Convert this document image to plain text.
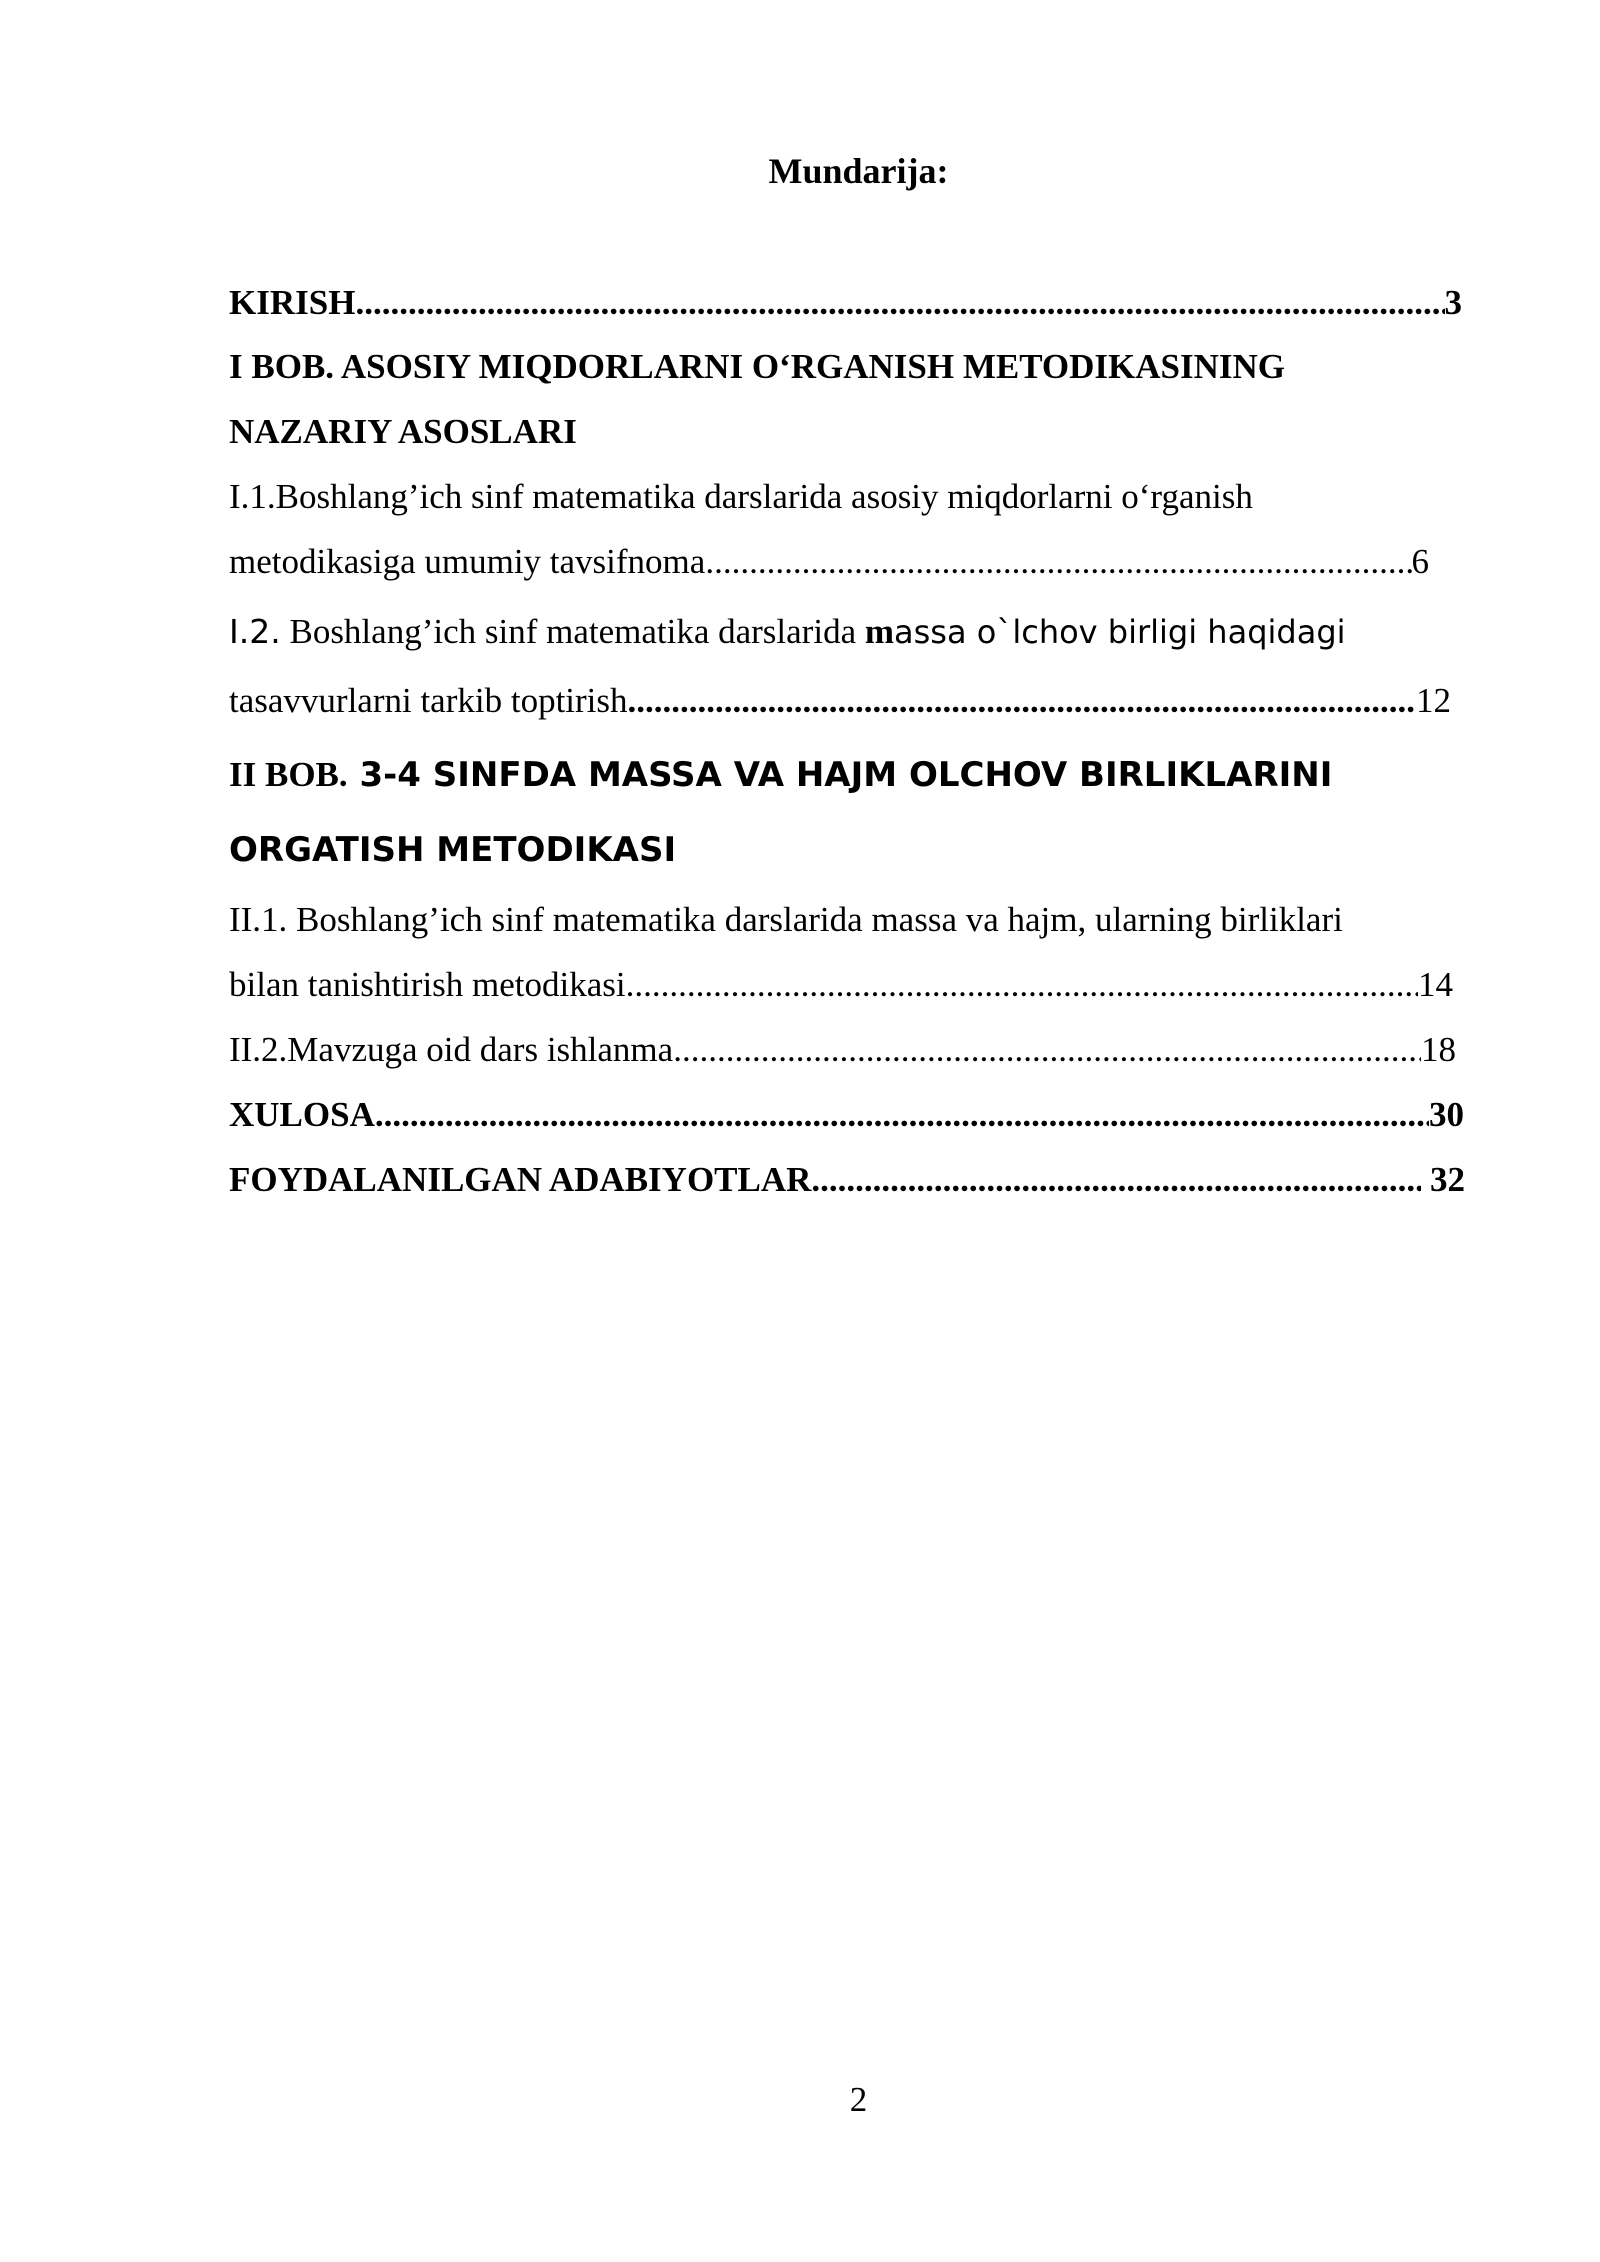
Mundarija:
KIRISH .....	3
I BOB. ASOSIY MIQDORLARNI O‘RGANISH METODIKASINING
NAZARIY ASOSLARI
I.1.Boshlang’ich sinf matematika darslarida asosiy miqdorlarni o‘rganish
metodikasiga umumiy tavsifnoma .....	6
I.2. Boshlang’ich sinf matematika darslarida massa o`lchov birligi haqidagi
tasavvurlarni tarkib toptirish .....	12
II BOB. 3-4 SINFDA MASSA VA HAJM OLCHOV BIRLIKLARINI
ORGATISH METODIKASI
II.1. Boshlang’ich sinf matematika darslarida massa va hajm, ularning birliklari
bilan tanishtirish metodikasi .....	14
II.2.Mavzuga oid dars ishlanma .....	18
XULOSA .....	30
FOYDALANILGAN ADABIYOTLAR .....	32

2
